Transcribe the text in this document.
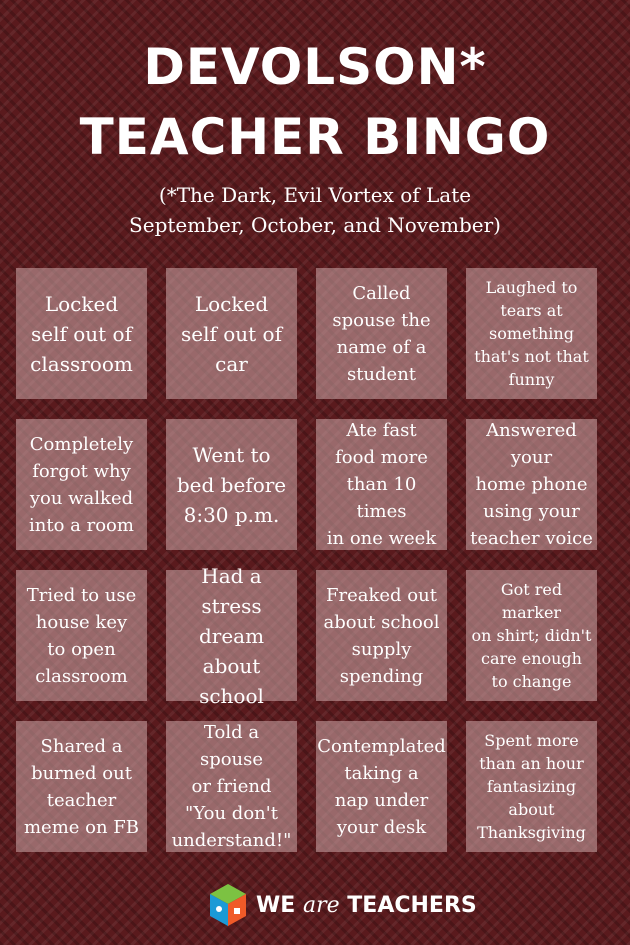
DEVOLSON*
TEACHER BINGO
(*The Dark, Evil Vortex of Late
September, October, and November)
Locked
self out of
classroom
Locked
self out of
car
Called
spouse the
name of a
student
Laughed to
tears at
something
that's not that
funny
Completely
forgot why
you walked
into a room
Went to
bed before
8:30 p.m.
Ate fast
food more
than 10 times
in one week
Answered your
home phone
using your
teacher voice
Tried to use
house key
to open
classroom
Had a
stress dream
about school
Freaked out
about school
supply
spending
Got red marker
on shirt; didn't
care enough
to change
Shared a
burned out
teacher
meme on FB
Told a spouse
or friend
"You don't
understand!"
Contemplated
taking a
nap under
your desk
Spent more
than an hour
fantasizing
about
Thanksgiving
WE are TEACHERS
